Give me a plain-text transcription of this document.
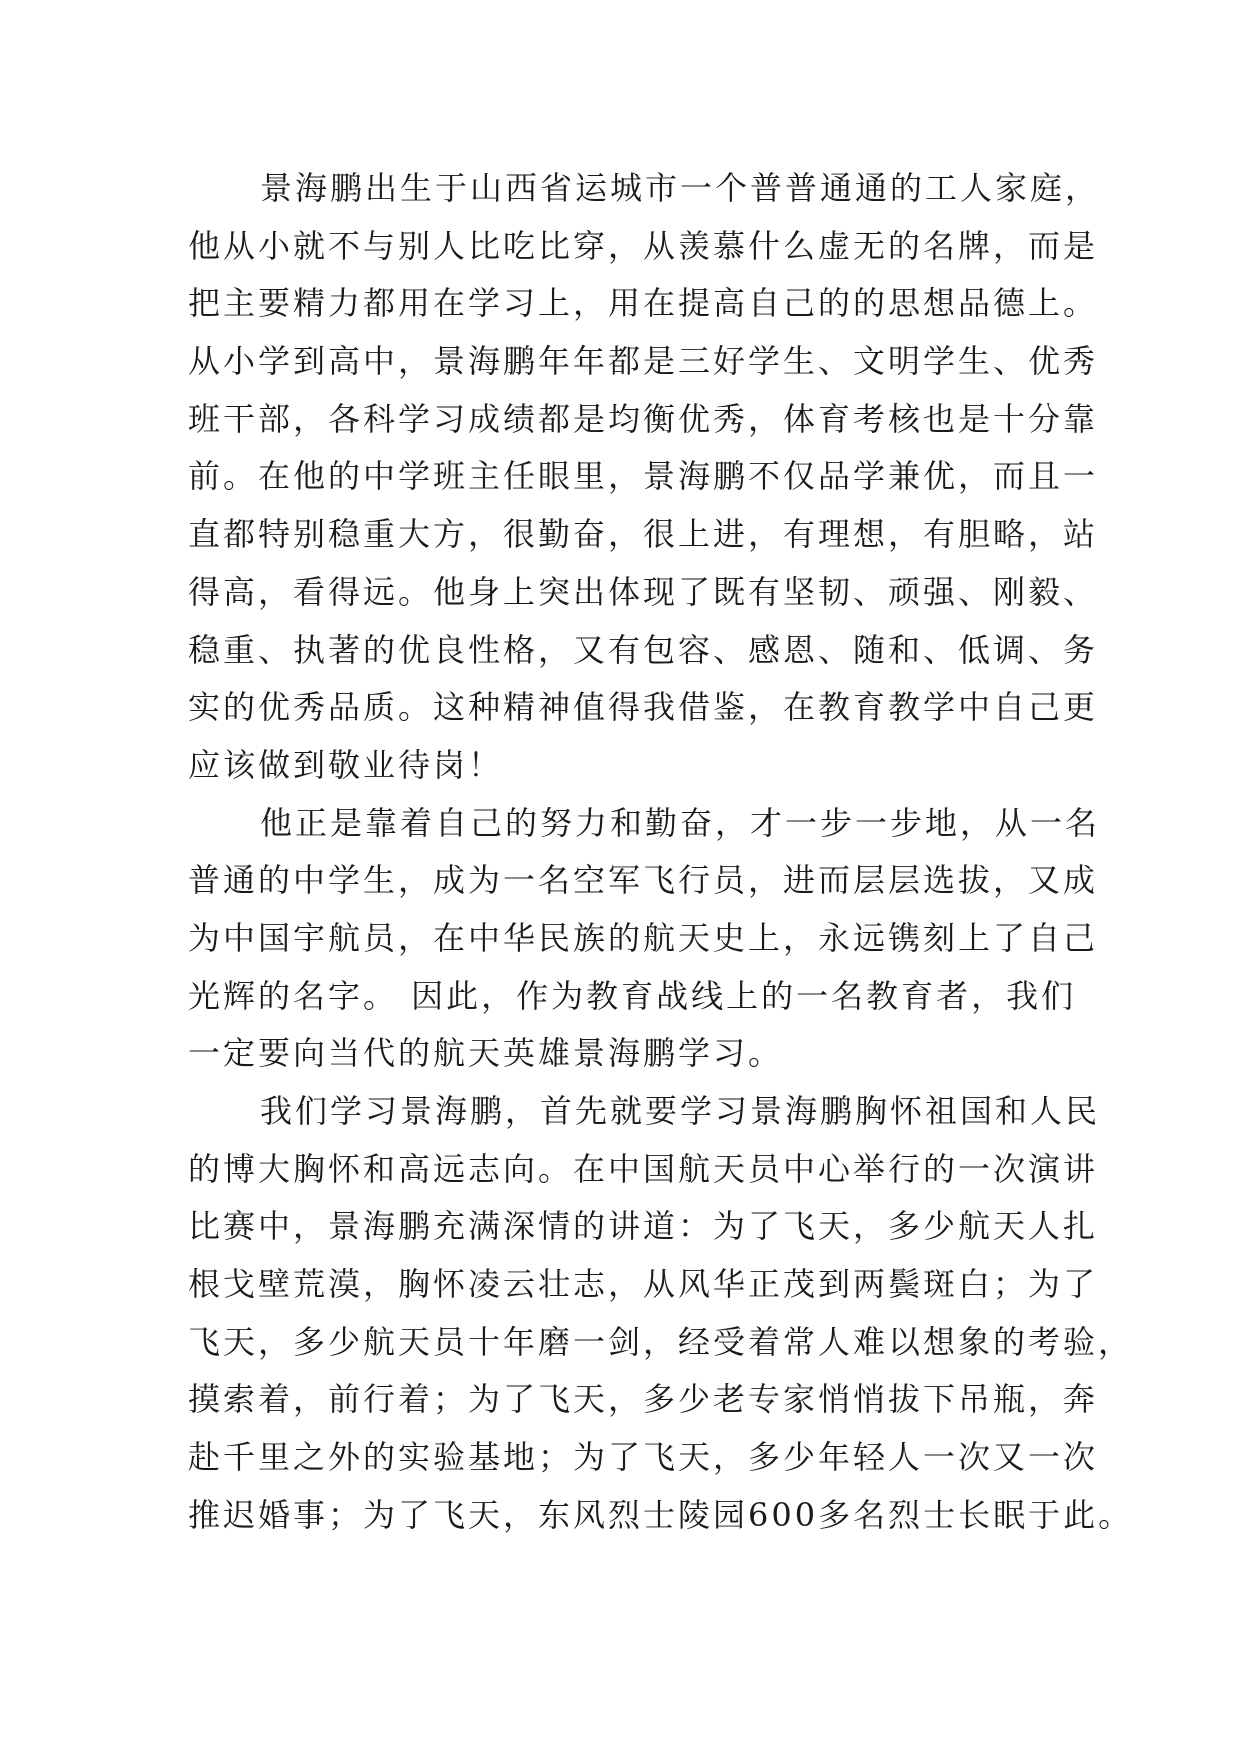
景海鹏出生于山西省运城市一个普普通通的工人家庭，
他从小就不与别人比吃比穿，从羡慕什么虚无的名牌，而是
把主要精力都用在学习上，用在提高自己的的思想品德上。
从小学到高中，景海鹏年年都是三好学生、文明学生、优秀
班干部，各科学习成绩都是均衡优秀，体育考核也是十分靠
前。在他的中学班主任眼里，景海鹏不仅品学兼优，而且一
直都特别稳重大方，很勤奋，很上进，有理想，有胆略，站
得高，看得远。他身上突出体现了既有坚韧、顽强、刚毅、
稳重、执著的优良性格，又有包容、感恩、随和、低调、务
实的优秀品质。这种精神值得我借鉴，在教育教学中自己更
应该做到敬业待岗！
他正是靠着自己的努力和勤奋，才一步一步地，从一名
普通的中学生，成为一名空军飞行员，进而层层选拔，又成
为中国宇航员，在中华民族的航天史上，永远镌刻上了自己
光辉的名字。 因此，作为教育战线上的一名教育者，我们
一定要向当代的航天英雄景海鹏学习。
我们学习景海鹏，首先就要学习景海鹏胸怀祖国和人民
的博大胸怀和高远志向。在中国航天员中心举行的一次演讲
比赛中，景海鹏充满深情的讲道：为了飞天，多少航天人扎
根戈壁荒漠，胸怀凌云壮志，从风华正茂到两鬓斑白；为了
飞天，多少航天员十年磨一剑，经受着常人难以想象的考验，
摸索着，前行着；为了飞天，多少老专家悄悄拔下吊瓶，奔
赴千里之外的实验基地；为了飞天，多少年轻人一次又一次
推迟婚事；为了飞天，东风烈士陵园600多名烈士长眠于此。
